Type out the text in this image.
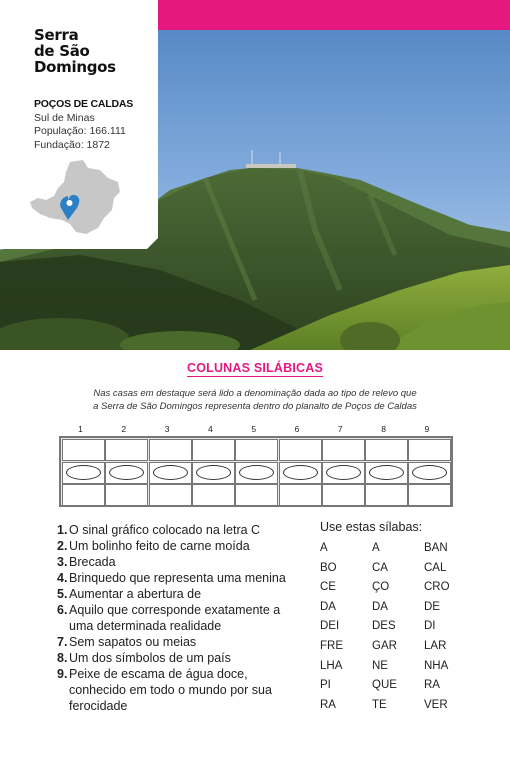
Serra
de São
Domingos
POÇOS DE CALDAS
Sul de Minas
População: 166.111
Fundação: 1872
COLUNAS SILÁBICAS
Nas casas em destaque será lido a denominação dada ao tipo de relevo que
a Serra de São Domingos representa dentro do planalto de Poços de Caldas
1	2	3	4	5	6	7	8	9
1. O sinal gráfico colocado na letra C
2. Um bolinho feito de carne moída
3. Brecada
4. Brinquedo que representa uma menina
5. Aumentar a abertura de
6. Aquilo que corresponde exatamente a uma determinada realidade
7. Sem sapatos ou meias
8. Um dos símbolos de um país
9. Peixe de escama de água doce, conhecido em todo o mundo por sua ferocidade
Use estas sílabas:
A	A	BAN
BO	CA	CAL
CE	ÇO	CRO
DA	DA	DE
DEI	DES DI
FRE	GAR LAR
LHA	NE	NHA
PI	QUE RA
RA	TE	VER
